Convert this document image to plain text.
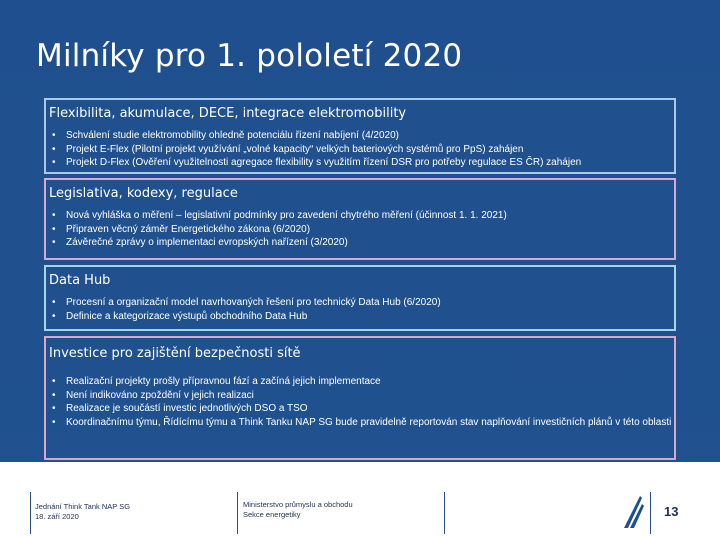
Milníky pro 1. pololetí 2020
Flexibilita, akumulace, DECE, integrace elektromobility
• Schválení studie elektromobility ohledně potenciálu řízení nabíjení (4/2020)
• Projekt E-Flex (Pilotní projekt využívání „volné kapacity“ velkých bateriových systémů pro PpS) zahájen
• Projekt D-Flex (Ověření využitelnosti agregace flexibility s využitím řízení DSR pro potřeby regulace ES ČR) zahájen
Legislativa, kodexy, regulace
• Nová vyhláška o měření – legislativní podmínky pro zavedení chytrého měření (účinnost 1. 1. 2021)
• Připraven věcný záměr Energetického zákona (6/2020)
• Závěrečné zprávy o implementaci evropských nařízení (3/2020)
Data Hub
• Procesní a organizační model navrhovaných řešení pro technický Data Hub (6/2020)
• Definice a kategorizace výstupů obchodního Data Hub
Investice pro zajištění bezpečnosti sítě
• Realizační projekty prošly přípravnou fází a začíná jejich implementace
• Není indikováno zpoždění v jejich realizaci
• Realizace je součástí investic jednotlivých DSO a TSO
• Koordinačnímu týmu, Řídícímu týmu a Think Tanku NAP SG bude pravidelně reportován stav naplňování investičních plánů v této oblasti
Jednání Think Tank NAP SG
18. září 2020
Ministerstvo průmyslu a obchodu
Sekce energetiky	13
